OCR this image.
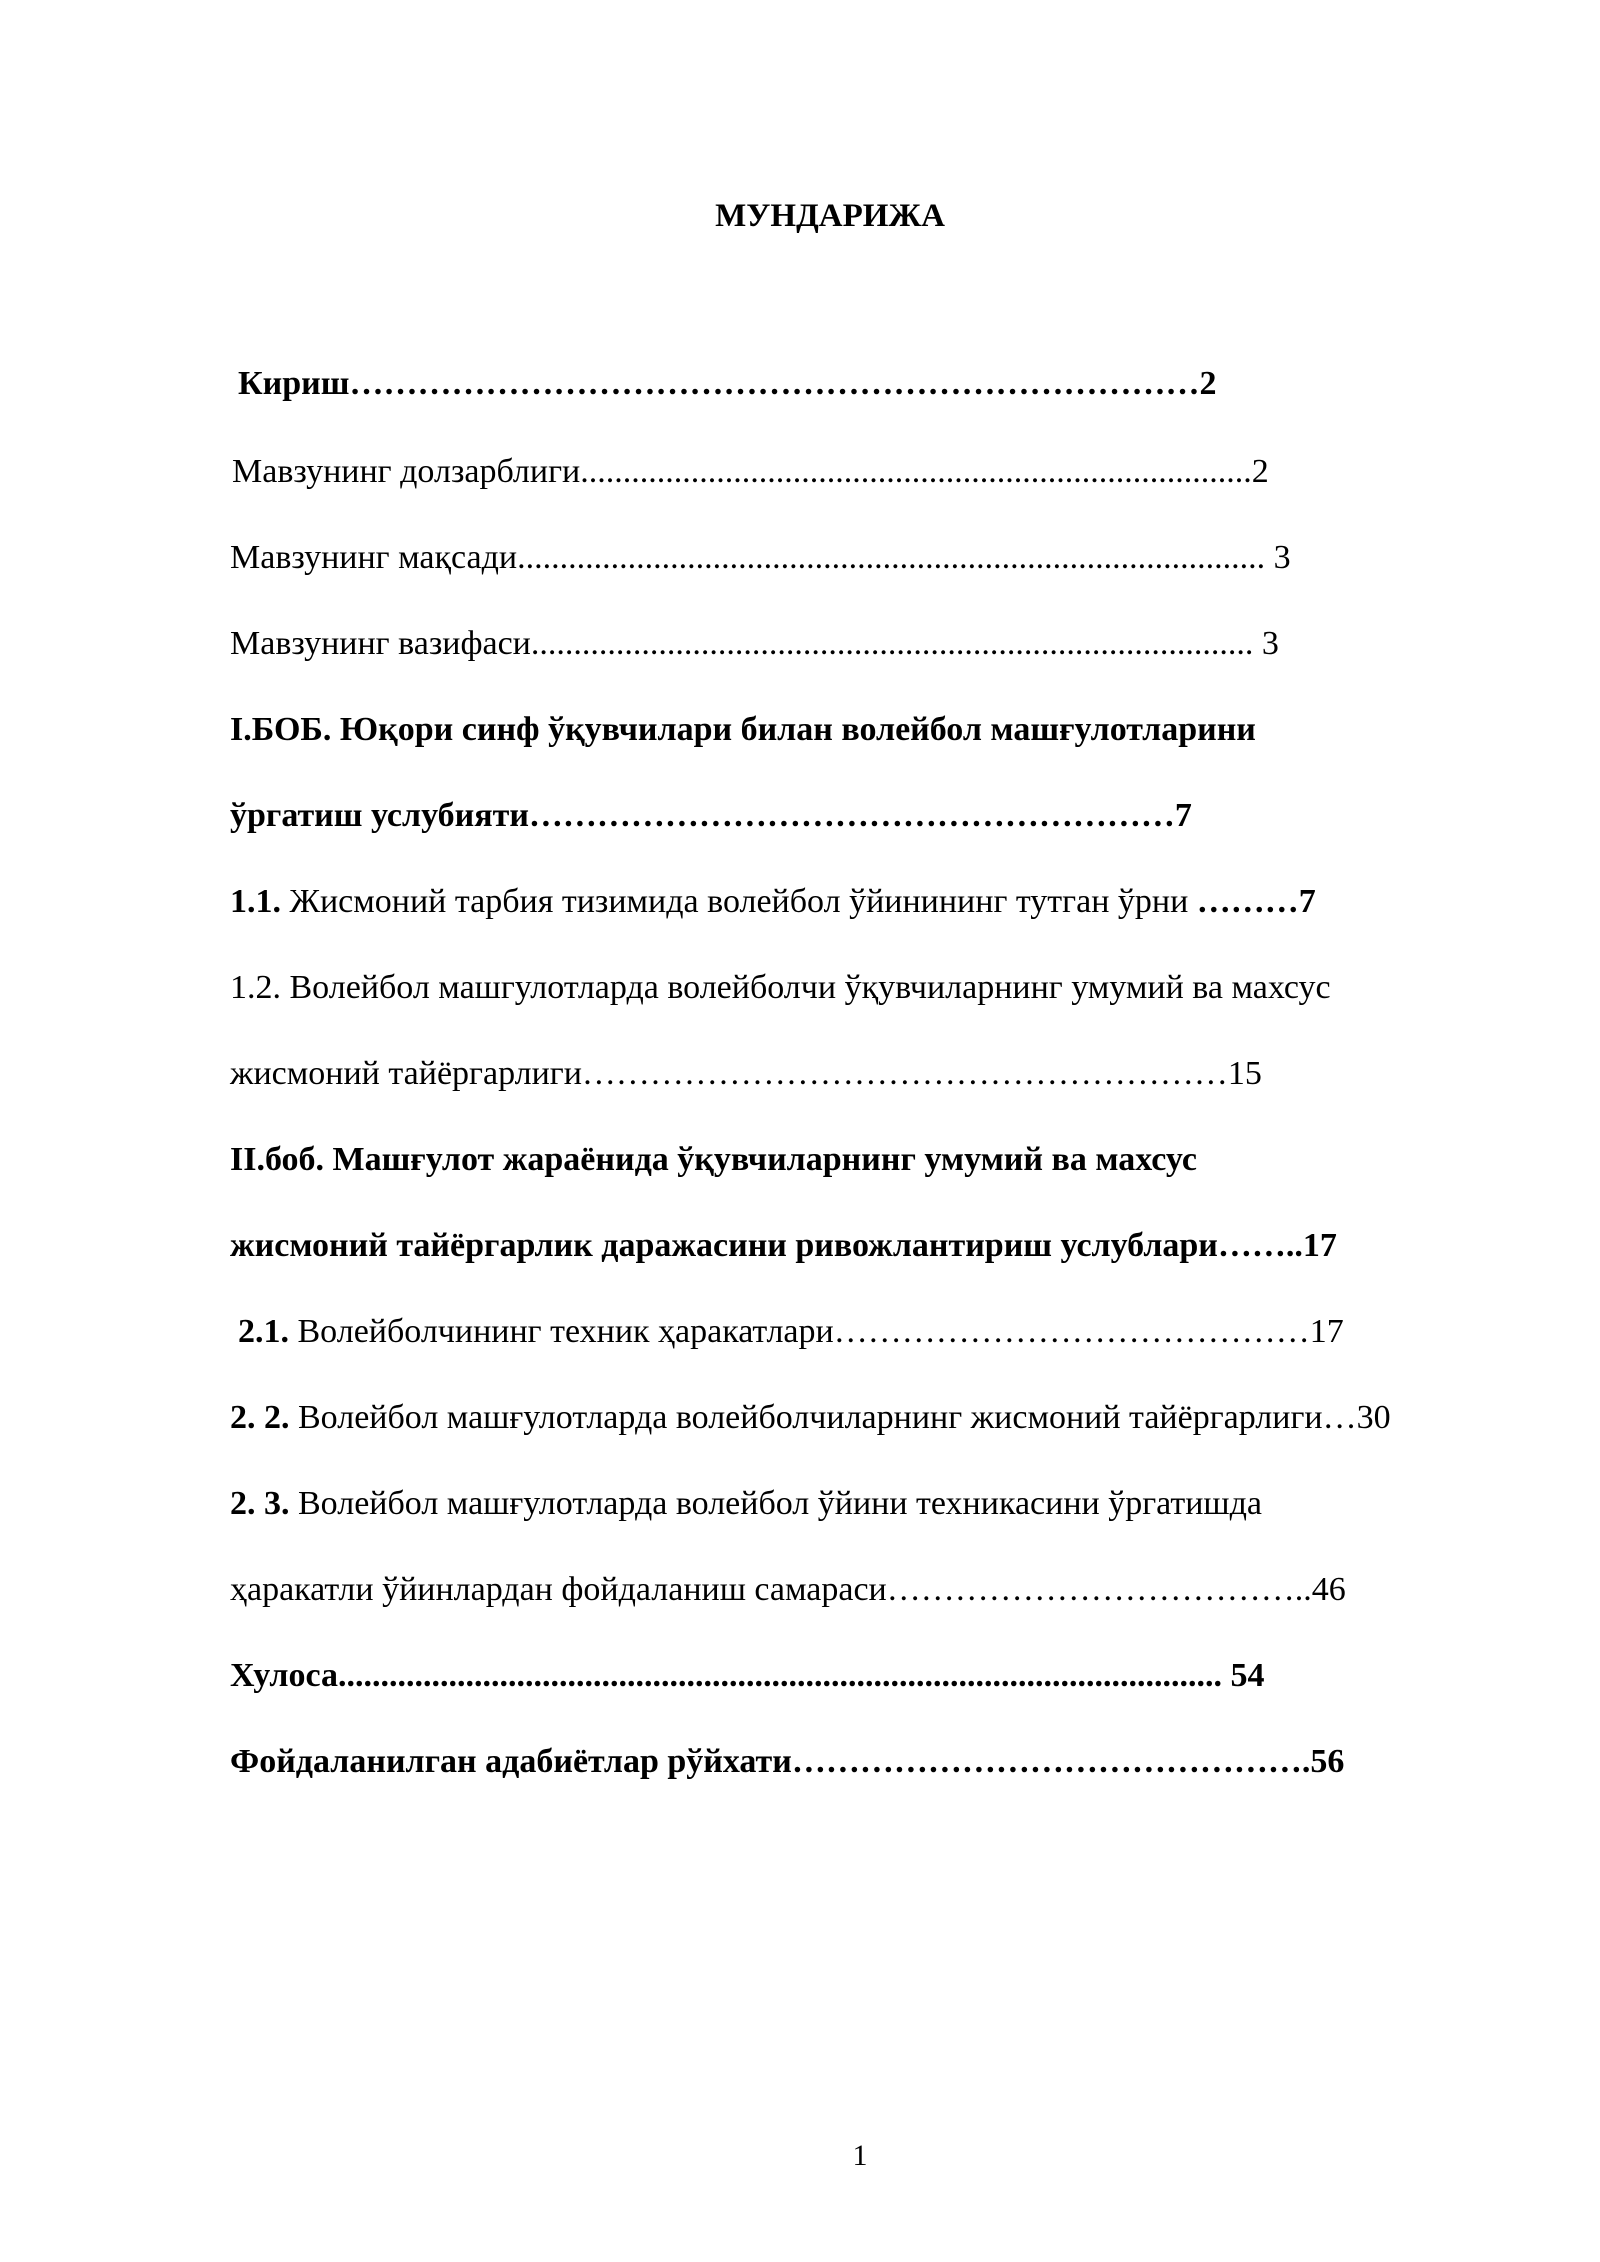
МУНДАРИЖА
Кириш…………………………………………………………………2
Мавзунинг долзарблиги...............................................................................2
Мавзунинг мақсади........................................................................................ 3
Мавзунинг вазифаси..................................................................................... 3
I.БОБ. Юқори синф ўқувчилари билан волейбол машғулотларини
ўргатиш услубияти…………………………………………………7
1.1. Жисмоний тарбия тизимида волейбол ўйинининг тутган ўрни ………7
1.2. Волейбол машгулотларда волейболчи ўқувчиларнинг умумий ва махсус
жисмоний тайёргарлиги…………………………………………………15
II.боб. Машғулот жараёнида ўқувчиларнинг умумий ва махсус
жисмоний тайёргарлик даражасини ривожлантириш услублари……..17
2.1. Волейболчининг техник ҳаракатлари……………………………………17
2. 2. Волейбол машғулотларда волейболчиларнинг жисмоний тайёргарлиги…30
2. 3. Волейбол машғулотларда волейбол ўйини техникасини ўргатишда
ҳаракатли ўйинлардан фойдаланиш самараси………………………………..46
Хулоса........................................................................................................ 54
Фойдаланилган адабиётлар рўйхати……………………………………….56
1
